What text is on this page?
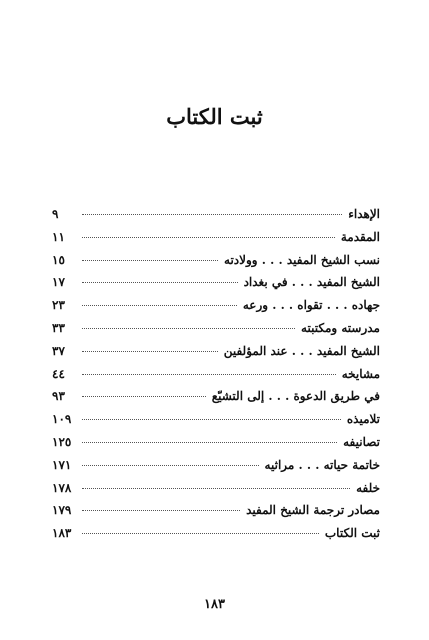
ثبت الكتاب
الإهداء
٩
المقدمة
١١
نسب الشيخ المفيد . . . وولادته
١٥
الشيخ المفيد . . . في بغداد
١٧
جهاده . . . تقواه . . . ورعه
٢٣
مدرسته ومكتبته
٣٣
الشيخ المفيد . . . عند المؤلفين
٣٧
مشايخه
٤٤
في طريق الدعوة . . . إلى التشيّع
٩٣
تلاميذه
١٠٩
تصانيفه
١٢٥
خاتمة حياته . . . مراثيه
١٧١
خلفه
١٧٨
مصادر ترجمة الشيخ المفيد
١٧٩
ثبت الكتاب
١٨٣
١٨٣
